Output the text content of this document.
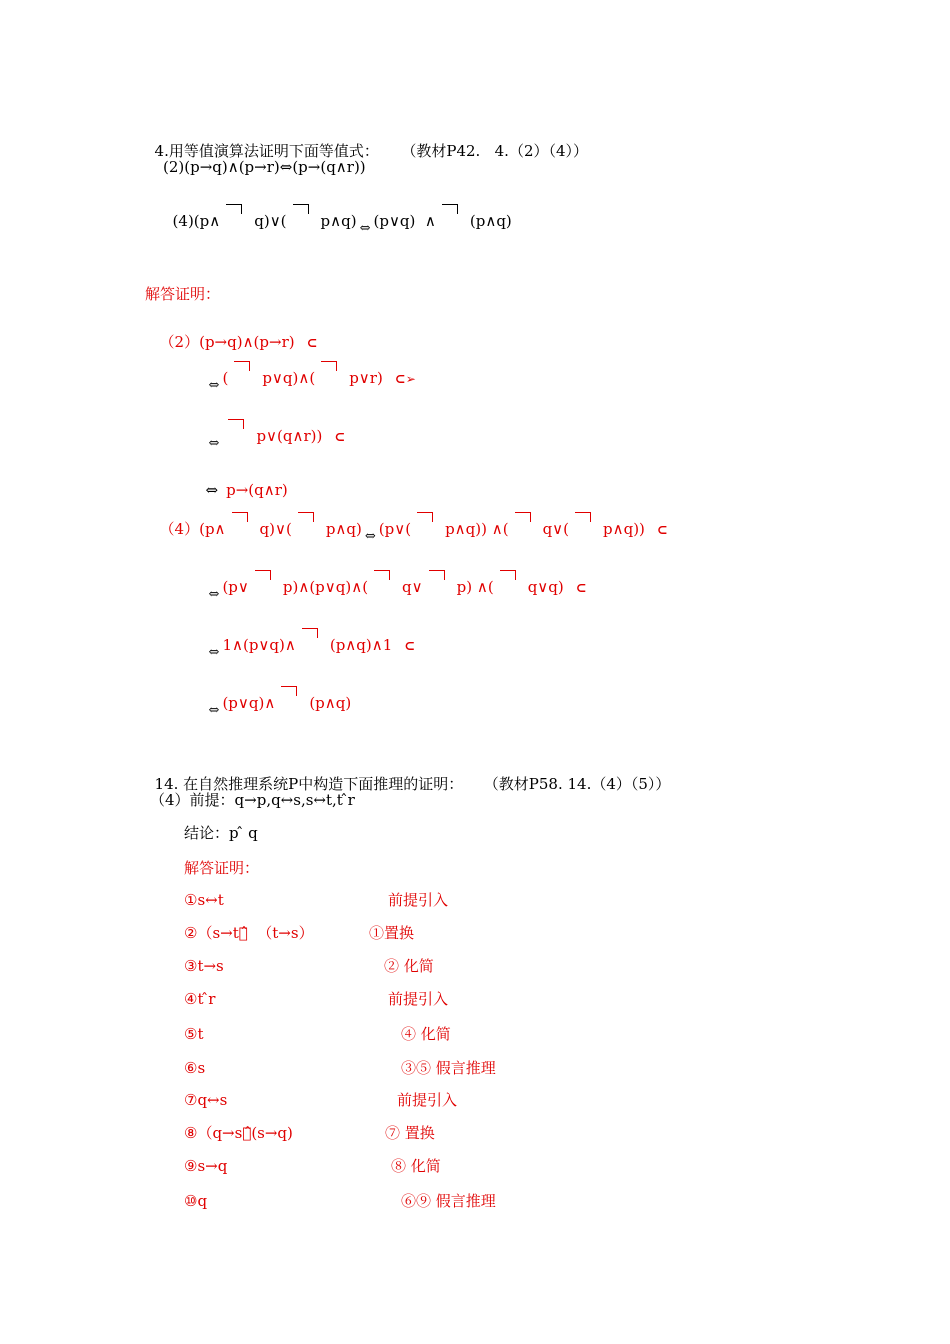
4.用等值演算法证明下面等值式： （教材P42.   4.（2）（4））

(2)(p→q)∧(p→r)⇔(p→(q∧r))

(4)(p∧ q)∨( p∧q) ⇔ (p∨q)  ∧ (p∧q)

解答证明：

（2）(p→q)∧(p→r) ⊂

⇔ ( p∨q)∧( p∨r) ⊂➢

⇔ p∨(q∧r)) ⊂

⇔ p→(q∧r)

（4）(p∧ q)∨( p∧q) ⇔ (p∨( p∧q)) ∧( q∨( p∧q)) ⊂

⇔ (p∨ p)∧(p∨q)∧( q∨ p) ∧( q∨q) ⊂

⇔ 1∧(p∨q)∧ (p∧q)∧1 ⊂

⇔ (p∨q)∧ (p∧q)

14. 在自然推理系统P中构造下面推理的证明： （教材P58. 14.（4）（5））

（4）前提：q→p,q↔s,s↔t,t ̂r
结论：p ̂ q
解答证明：
①s↔t	前提引入
②（s→t）̂  （t→s）	①置换
③t→s	② 化简
④t ̂r	前提引入
⑤t	④ 化简
⑥s	③⑤ 假言推理
⑦q↔s	前提引入
⑧（q→s）̂(s→q)	⑦ 置换
⑨s→q	⑧ 化简
⑩q	⑥⑨ 假言推理
